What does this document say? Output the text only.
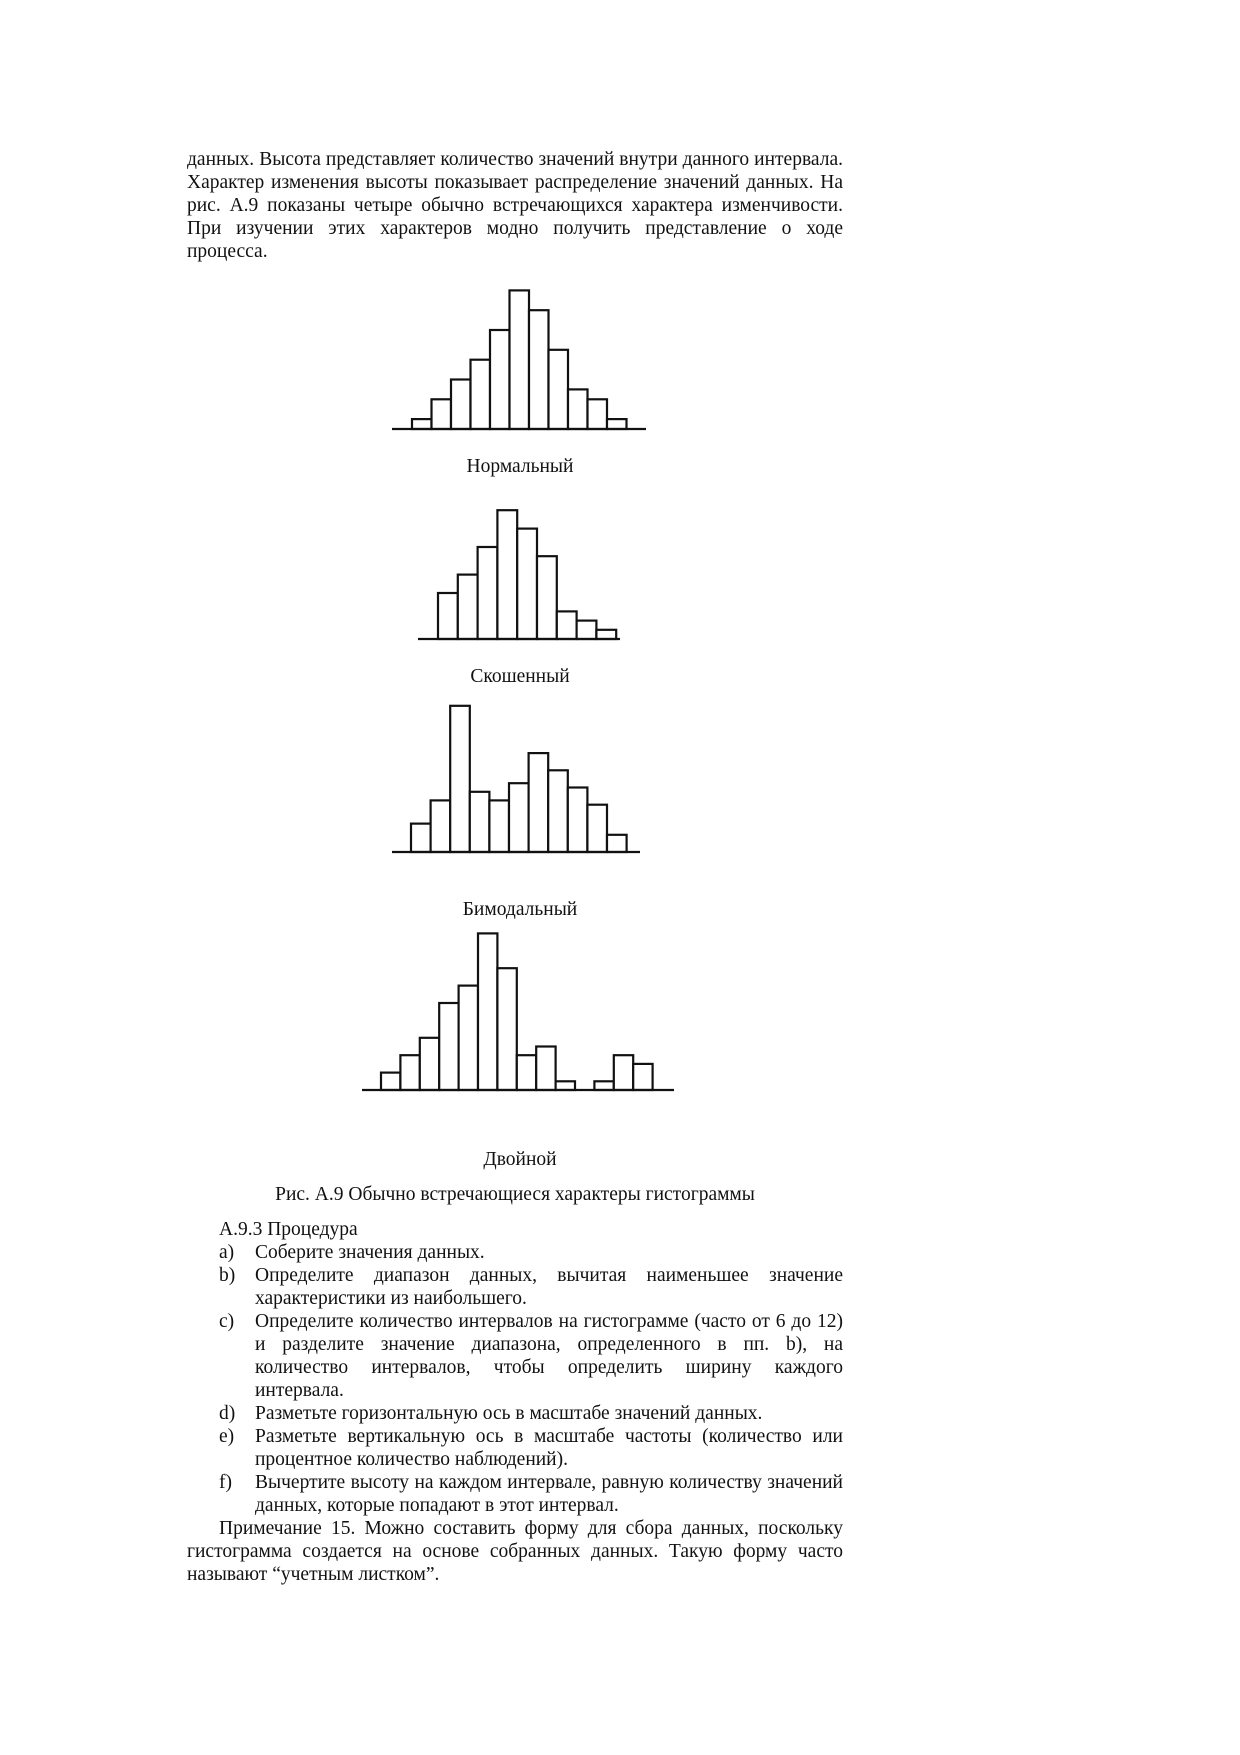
данных. Высота представляет количество значений внутри данного интервала. Характер изменения высоты показывает распределение значений данных. На рис. A.9 показаны четыре обычно встречающихся характера изменчивости. При изучении этих характеров модно получить представление о ходе процесса.

Нормальный
Скошенный
Бимодальный
Двойной
Рис. A.9 Обычно встречающиеся характеры гистограммы

A.9.3 Процедура

a) Соберите значения данных.
b) Определите диапазон данных, вычитая наименьшее значение характеристики из наибольшего.
c) Определите количество интервалов на гистограмме (часто от 6 до 12) и разделите значение диапазона, определенного в пп. b), на количество интервалов, чтобы определить ширину каждого интервала.
d) Разметьте горизонтальную ось в масштабе значений данных.
e) Разметьте вертикальную ось в масштабе частоты (количество или процентное количество наблюдений).
f) Вычертите высоту на каждом интервале, равную количеству значений данных, которые попадают в этот интервал.

Примечание 15. Можно составить форму для сбора данных, поскольку гистограмма создается на основе собранных данных. Такую форму часто называют “учетным листком”.
